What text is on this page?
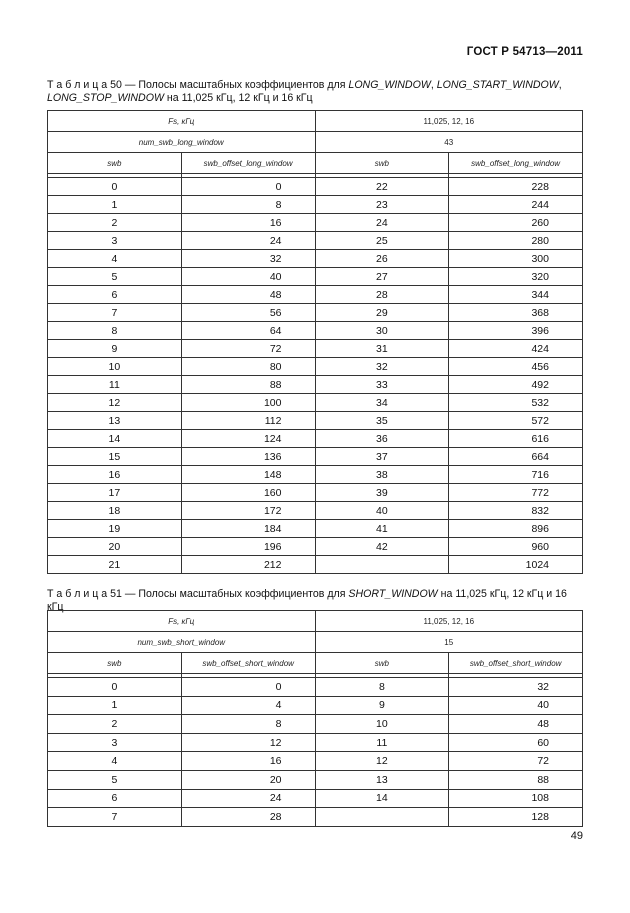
ГОСТ Р 54713—2011
Т а б л и ц а 50 — Полосы масштабных коэффициентов для LONG_WINDOW, LONG_START_WINDOW,
LONG_STOP_WINDOW на 11,025 кГц, 12 кГц и 16 кГц
Fs, кГц		11,025, 12, 16	
num_swb_long_window		43	
swb	swb_offset_long_window	swb	swb_offset_long_window

0	0	22	228
1	8	23	244
2	16	24	260
3	24	25	280
4	32	26	300
5	40	27	320
6	48	28	344
7	56	29	368
8	64	30	396
9	72	31	424
10	80	32	456
11	88	33	492
12	100	34	532
13	112	35	572
14	124	36	616
15	136	37	664
16	148	38	716
17	160	39	772
18	172	40	832
19	184	41	896
20	196	42	960
21	212		1024
Т а б л и ц а 51 — Полосы масштабных коэффициентов для SHORT_WINDOW на 11,025 кГц, 12 кГц и 16 кГц
Fs, кГц		11,025, 12, 16	
num_swb_short_window		15	
swb	swb_offset_short_window	swb	swb_offset_short_window

0	0	8	32
1	4	9	40
2	8	10	48
3	12	11	60
4	16	12	72
5	20	13	88
6	24	14	108
7	28		128
49
